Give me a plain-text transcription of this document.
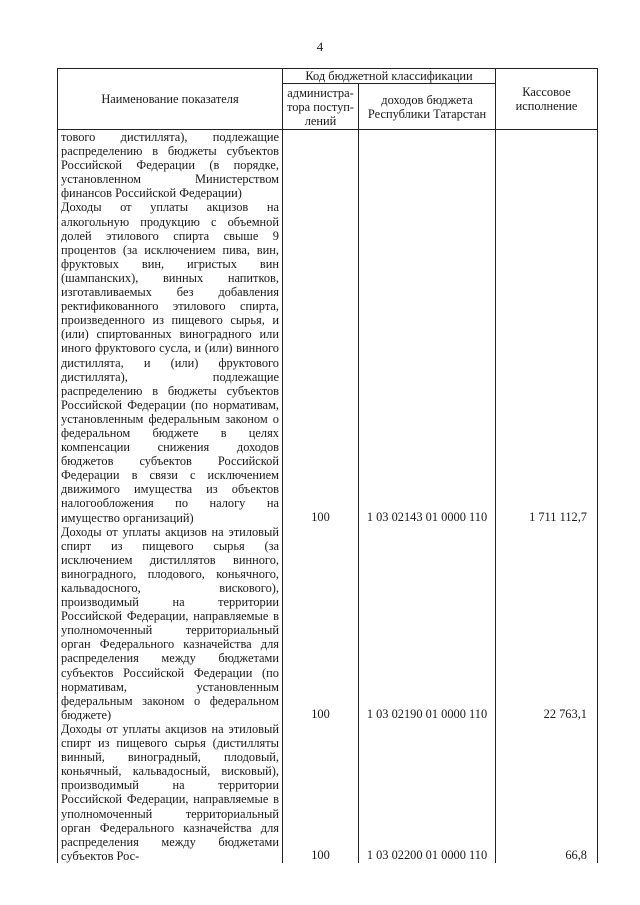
4
Наименование показателя	Код бюджетной классификации		Кассовое исполнение
	администра-тора поступ-лений	доходов бюджета Республики Татарстан	
тового дистиллята), подлежащие распределению в бюджеты субъектов Российской Федерации (в порядке, установленном Министерством финансов Российской Федерации)			
Доходы от уплаты акцизов на алкогольную продукцию с объемной долей этилового спирта свыше 9 процентов (за исключением пива, вин, фруктовых вин, игристых вин (шампанских), винных напитков, изготавливаемых без добавления ректификованного этилового спирта, произведенного из пищевого сырья, и (или) спиртованных виноградного или иного фруктового сусла, и (или) винного дистиллята, и (или) фруктового дистиллята), подлежащие распределению в бюджеты субъектов Российской Федерации (по нормативам, установленным федеральным законом о федеральном бюджете в целях компенсации снижения доходов бюджетов субъектов Российской Федерации в связи с исключением движимого имущества из объектов налогообложения по налогу на имущество организаций)	100	1 03 02143 01 0000 110	1 711 112,7
Доходы от уплаты акцизов на этиловый спирт из пищевого сырья (за исключением дистиллятов винного, виноградного, плодового, коньячного, кальвадосного, вискового), производимый на территории Российской Федерации, направляемые в уполномоченный территориальный орган Федерального казначейства для распределения между бюджетами субъектов Российской Федерации (по нормативам, установленным федеральным законом о федеральном бюджете)	100	1 03 02190 01 0000 110	22 763,1
Доходы от уплаты акцизов на этиловый спирт из пищевого сырья (дистилляты винный, виноградный, плодовый, коньячный, кальвадосный, висковый), производимый на территории Российской Федерации, направляемые в уполномоченный территориальный орган Федерального казначейства для распределения между бюджетами субъектов Рос-	100	1 03 02200 01 0000 110	66,8
